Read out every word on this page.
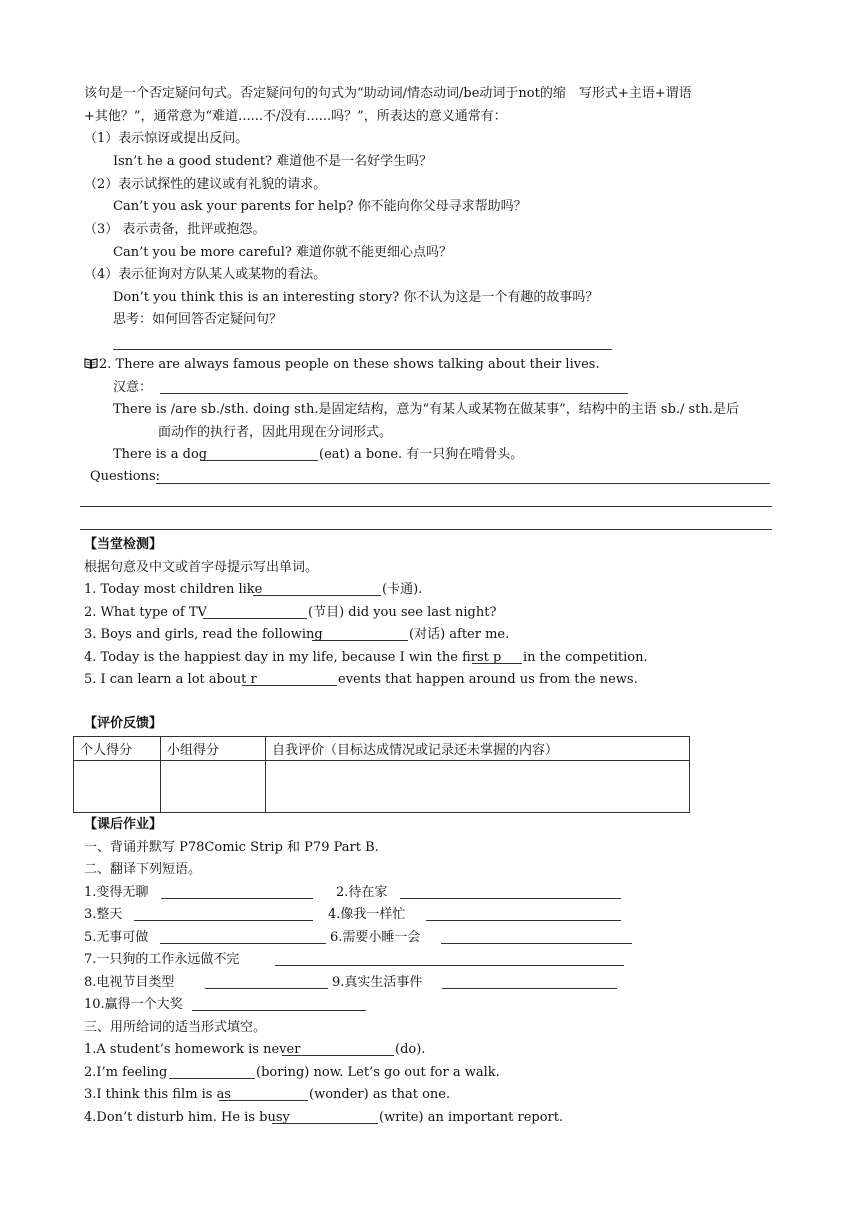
该句是一个否定疑问句式。否定疑问句的句式为“助动词/情态动词/be动词于not的缩　写形式+主语+谓语
+其他？”，通常意为“难道......不/没有......吗？”，所表达的意义通常有：
（1）表示惊讶或提出反问。
Isn’t he a good student? 难道他不是一名好学生吗？
（2）表示试探性的建议或有礼貌的请求。
Can’t you ask your parents for help? 你不能向你父母寻求帮助吗？
（3） 表示责备，批评或抱怨。
Can’t you be more careful? 难道你就不能更细心点吗？
（4）表示征询对方队某人或某物的看法。
Don’t you think this is an interesting story? 你不认为这是一个有趣的故事吗？
思考：如何回答否定疑问句？
2. There are always famous people on these shows talking about their lives.
汉意：
There is /are sb./sth. doing sth.是固定结构，意为“有某人或某物在做某事”，结构中的主语 sb./ sth.是后
面动作的执行者，因此用现在分词形式。
There is a dog	(eat) a bone. 有一只狗在啃骨头。
Questions:
【当堂检测】
根据句意及中文或首字母提示写出单词。
1. Today most children like	(卡通).
2. What type of TV	(节目) did you see last night?
3. Boys and girls, read the following	(对话) after me.
4. Today is the happiest day in my life, because I win the first p in the competition.
5. I can learn a lot about r	events that happen around us from the news.
【评价反馈】
个人得分	小组得分	自我评价（目标达成情况或记录还未掌握的内容）

【课后作业】
一、背诵并默写 P78Comic Strip 和 P79 Part B.
二、翻译下列短语。
1.变得无聊	2.待在家
3.整天	4.像我一样忙
5.无事可做	6.需要小睡一会
7.一只狗的工作永远做不完
8.电视节目类型	9.真实生活事件
10.赢得一个大奖
三、用所给词的适当形式填空。
1.A student’s homework is never	(do).
2.I’m feeling	(boring) now. Let’s go out for a walk.
3.I think this film is as	(wonder) as that one.
4.Don’t disturb him. He is busy	(write) an important report.
